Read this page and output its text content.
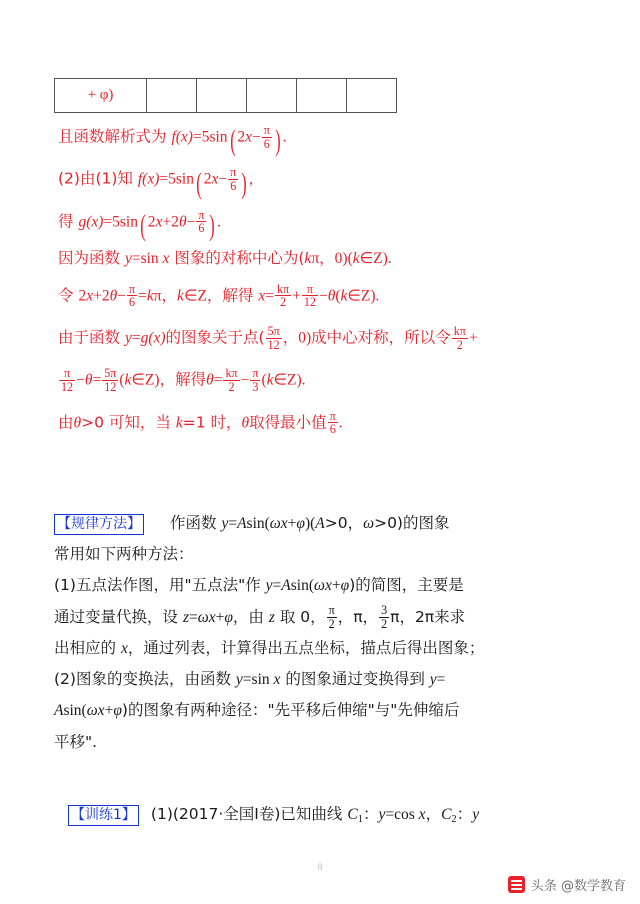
+ φ)					
且函数解析式为 f(x)=5sin( $2x- \frac{\pi}{6}$ ) .
(2)由(1)知 f(x)=5sin( $2x- \frac{\pi}{6}$ ) ,
得 g(x)=5sin( $2x+2\theta- \frac{\pi}{6}$ ) .
因为函数 y=sin x 图象的对称中心为(kπ，0)(k∈Z).
令 $2x+2\theta- \frac{\pi}{6} =k\pi$，k∈Z，解得 $x= \frac{k\pi}{2} + \frac{\pi}{12}$ −θ(k∈Z).
由于函数 y=g(x)的图象关于点( $\frac{5\pi}{12}$ ，0)成中心对称，所以令 $\frac{k\pi}{2}$ +
$\frac{\pi}{12} -\theta= \frac{5\pi}{12}$ (k∈Z)，解得$\theta= \frac{k\pi}{2} - \frac{\pi}{3}$ (k∈Z).
由θ>0 可知，当 k=1 时，θ取得最小值 $\frac{\pi}{6}$ .

【规律方法】 作函数 y=Asin(ωx+φ)(A>0，ω>0)的图象

常用如下两种方法：

(1)五点法作图，用"五点法"作 y=Asin(ωx+φ)的简图，主要是

通过变量代换，设 z=ωx+φ，由 z 取 0， $\frac{\pi}{2}$ ，π， $\frac{3}{2}$ π，2π来求

出相应的 x，通过列表，计算得出五点坐标，描点后得出图象；

(2)图象的变换法，由函数 y=sin x 的图象通过变换得到 y=

Asin(ωx+φ)的图象有两种途径："先平移后伸缩"与"先伸缩后

平移".

【训练1】 (1)(2017·全国Ⅰ卷)已知曲线 $C_1$：y=cos x，$C_2$：y

8
头条 @数学教育
